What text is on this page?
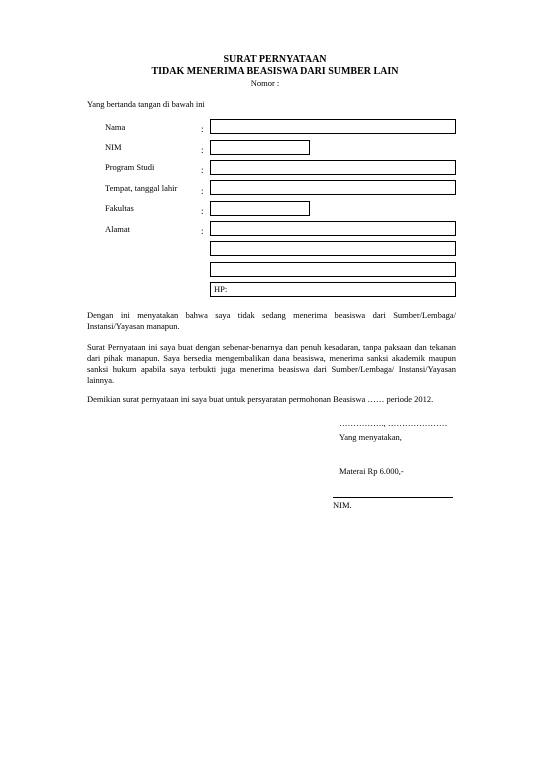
SURAT PERNYATAAN
TIDAK MENERIMA BEASISWA DARI SUMBER LAIN
Nomor :
Yang bertanda tangan di bawah ini
Nama	:
NIM	:
Program Studi	:
Tempat, tanggal lahir	:
Fakultas	:
Alamat	:
HP:
Dengan ini menyatakan bahwa saya tidak sedang menerima beasiswa dari Sumber/Lembaga/ Instansi/Yayasan manapun.
Surat Pernyataan ini saya buat dengan sebenar-benarnya dan penuh kesadaran, tanpa paksaan dan tekanan dari pihak manapun. Saya bersedia mengembalikan dana beasiswa, menerima sanksi akademik maupun sanksi hukum apabila saya terbukti juga menerima beasiswa dari Sumber/Lembaga/ Instansi/Yayasan lainnya.
Demikian surat pernyataan ini saya buat untuk persyaratan permohonan Beasiswa …… periode 2012.
……………., …………………
Yang menyatakan,
Materai Rp 6.000,-
NIM.
